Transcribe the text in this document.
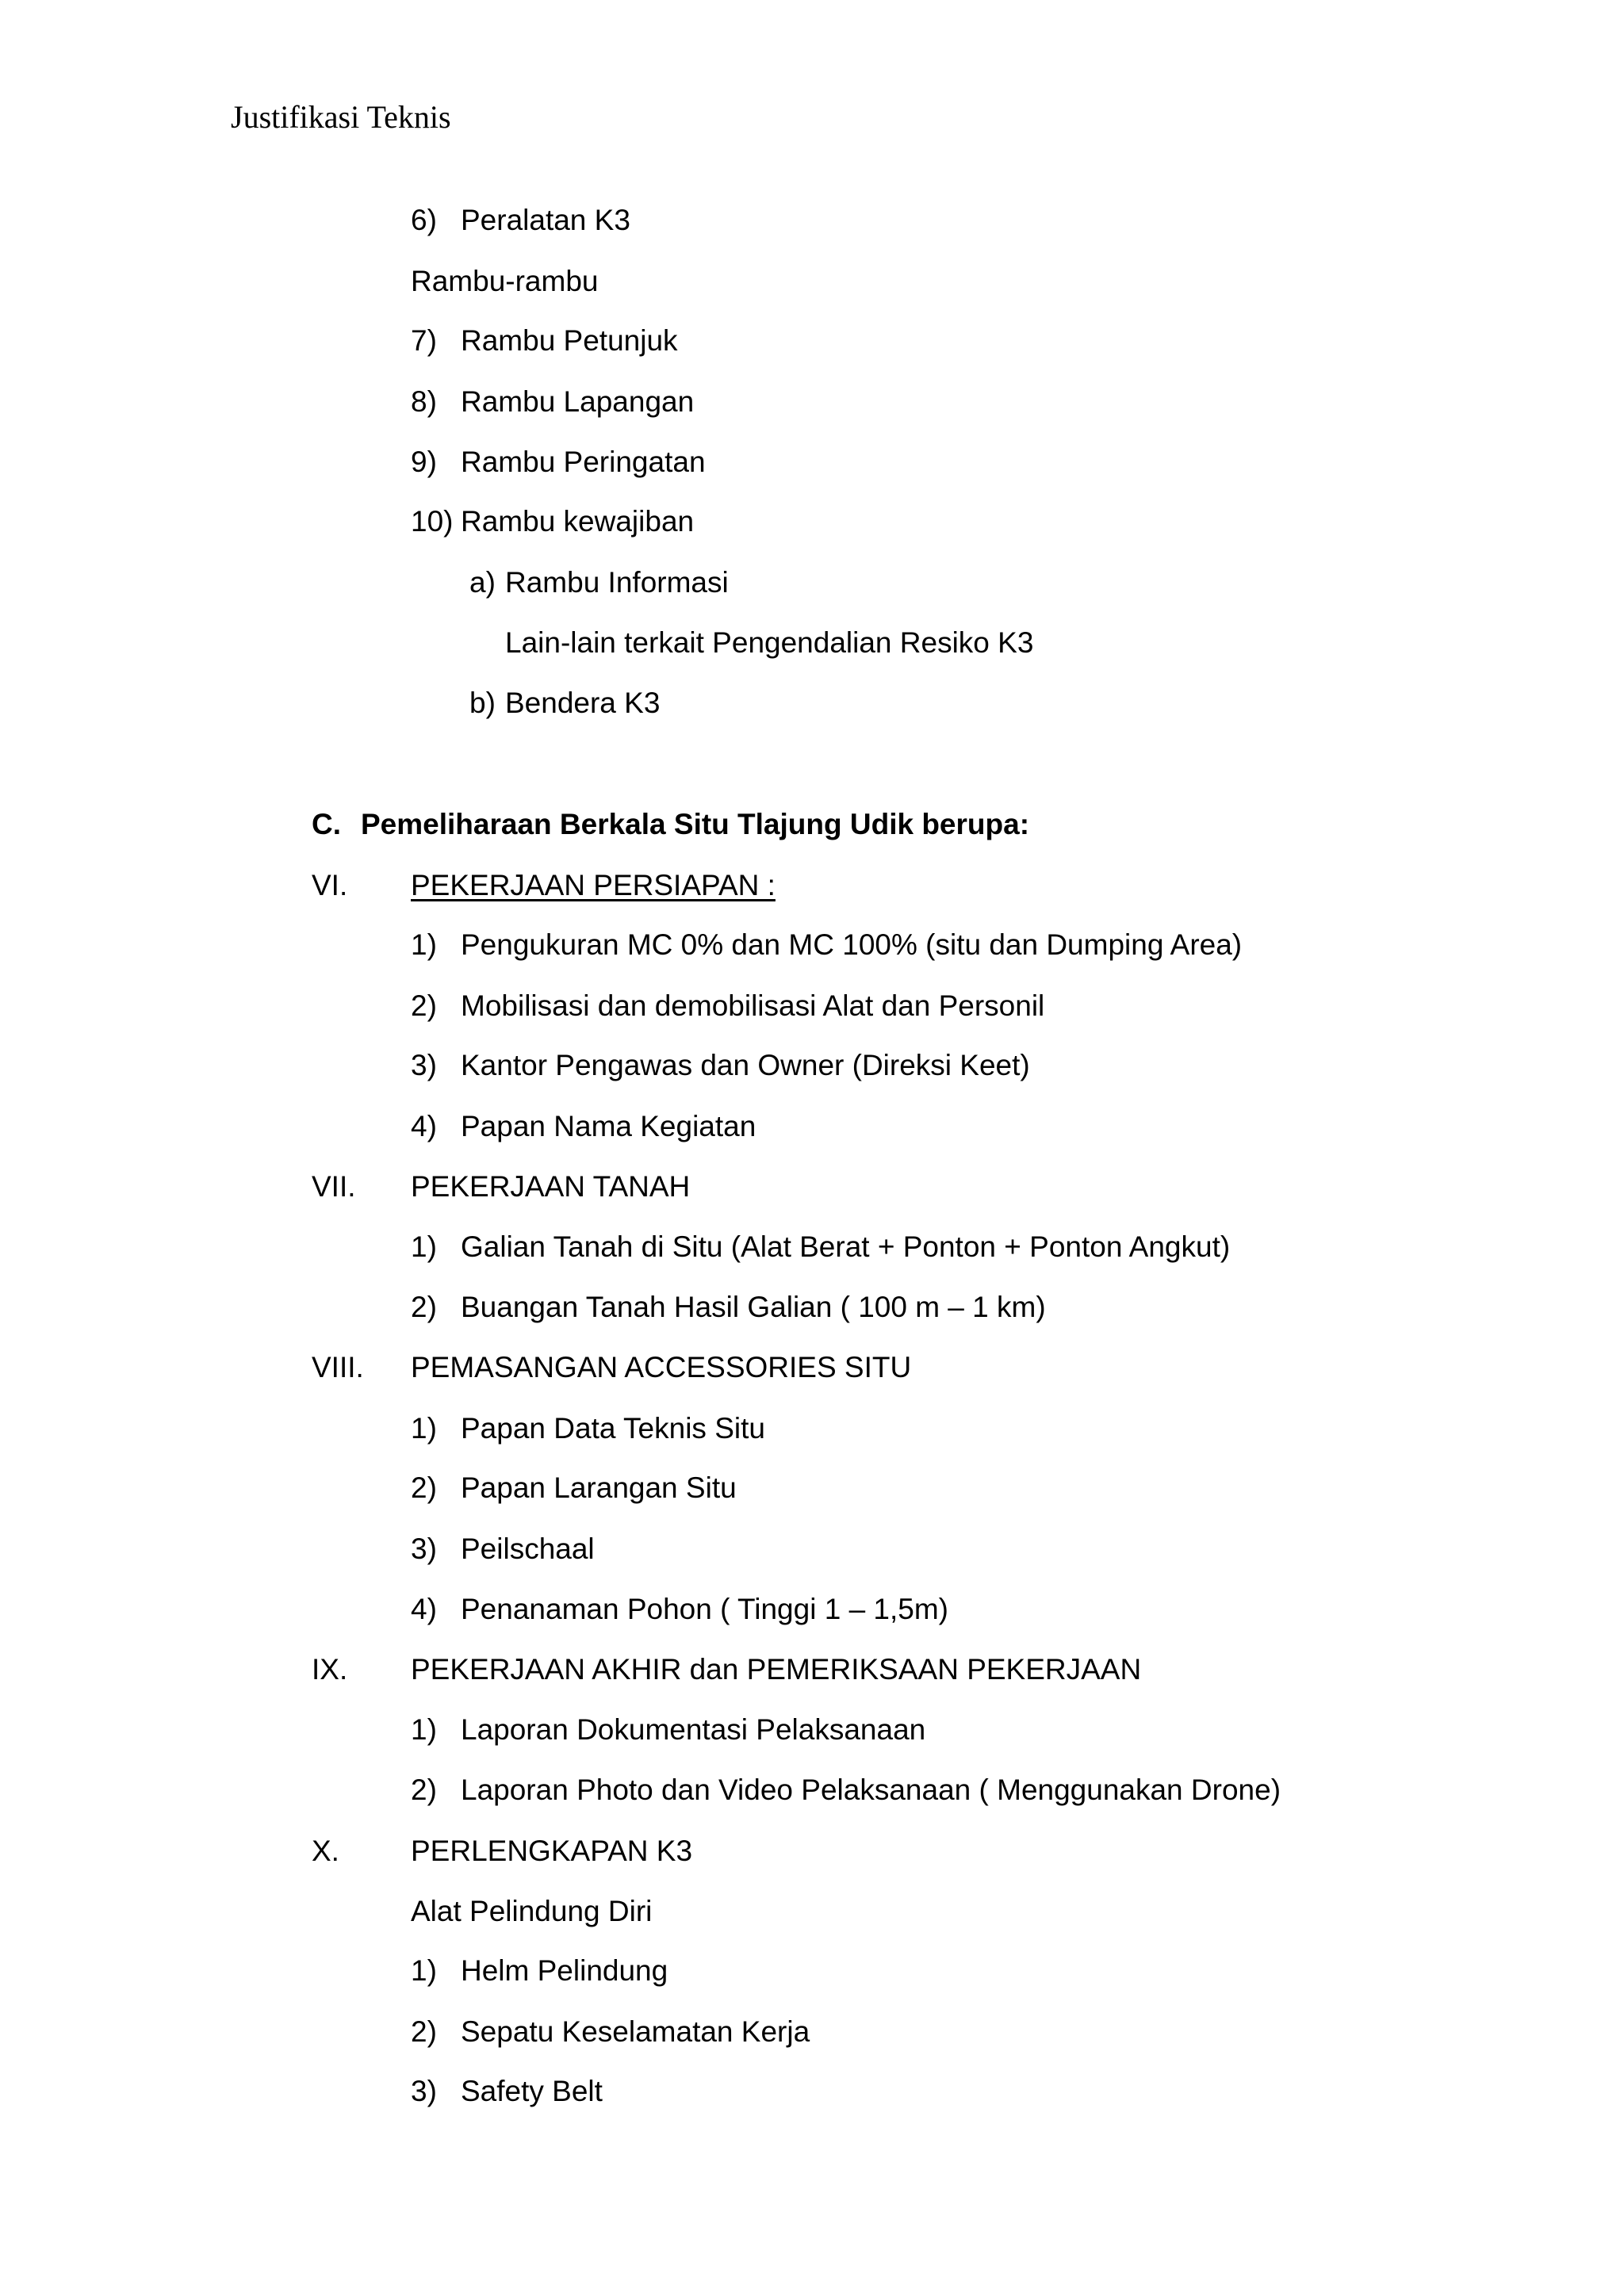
Justifikasi Teknis
6) Peralatan K3
Rambu-rambu
7) Rambu Petunjuk
8) Rambu Lapangan
9) Rambu Peringatan
10) Rambu kewajiban
a) Rambu Informasi
Lain-lain terkait Pengendalian Resiko K3
b) Bendera K3
C. Pemeliharaan Berkala Situ Tlajung Udik berupa:
VI. PEKERJAAN PERSIAPAN :
1) Pengukuran MC 0% dan MC 100% (situ dan Dumping Area)
2) Mobilisasi dan demobilisasi Alat dan Personil
3) Kantor Pengawas dan Owner (Direksi Keet)
4) Papan Nama Kegiatan
VII. PEKERJAAN TANAH
1) Galian Tanah di Situ (Alat Berat + Ponton + Ponton Angkut)
2) Buangan Tanah Hasil Galian ( 100 m – 1 km)
VIII. PEMASANGAN ACCESSORIES SITU
1) Papan Data Teknis Situ
2) Papan Larangan Situ
3) Peilschaal
4) Penanaman Pohon ( Tinggi 1 – 1,5m)
IX. PEKERJAAN AKHIR dan PEMERIKSAAN PEKERJAAN
1) Laporan Dokumentasi Pelaksanaan
2) Laporan Photo dan Video Pelaksanaan ( Menggunakan Drone)
X. PERLENGKAPAN K3
Alat Pelindung Diri
1) Helm Pelindung
2) Sepatu Keselamatan Kerja
3) Safety Belt
